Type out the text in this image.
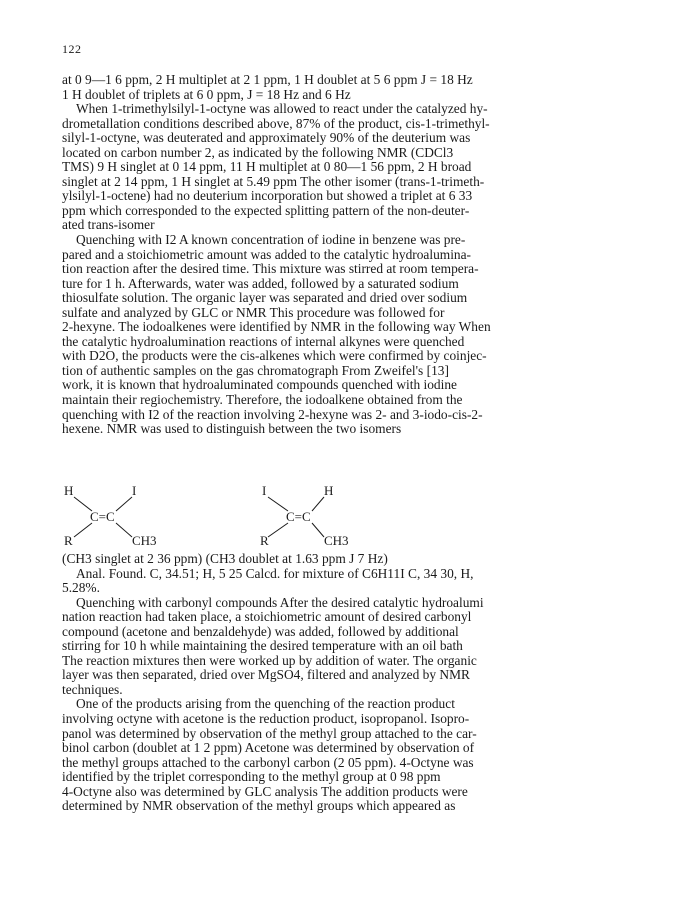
122
at 0 9—1 6 ppm, 2 H multiplet at 2 1 ppm, 1 H doublet at 5 6 ppm J = 18 Hz
1 H doublet of triplets at 6 0 ppm, J = 18 Hz and 6 Hz
When 1-trimethylsilyl-1-octyne was allowed to react under the catalyzed hy-
drometallation conditions described above, 87% of the product, cis-1-trimethyl-
silyl-1-octyne, was deuterated and approximately 90% of the deuterium was
located on carbon number 2, as indicated by the following NMR (CDCl3
TMS) 9 H singlet at 0 14 ppm, 11 H multiplet at 0 80—1 56 ppm, 2 H broad
singlet at 2 14 ppm, 1 H singlet at 5.49 ppm The other isomer (trans-1-trimeth-
ylsilyl-1-octene) had no deuterium incorporation but showed a triplet at 6 33
ppm which corresponded to the expected splitting pattern of the non-deuter-
ated trans-isomer
Quenching with I2 A known concentration of iodine in benzene was pre-
pared and a stoichiometric amount was added to the catalytic hydroalumina-
tion reaction after the desired time. This mixture was stirred at room tempera-
ture for 1 h. Afterwards, water was added, followed by a saturated sodium
thiosulfate solution. The organic layer was separated and dried over sodium
sulfate and analyzed by GLC or NMR This procedure was followed for
2-hexyne. The iodoalkenes were identified by NMR in the following way When
the catalytic hydroalumination reactions of internal alkynes were quenched
with D2O, the products were the cis-alkenes which were confirmed by coinjec-
tion of authentic samples on the gas chromatograph From Zweifel's [13]
work, it is known that hydroaluminated compounds quenched with iodine
maintain their regiochemistry. Therefore, the iodoalkene obtained from the
quenching with I2 of the reaction involving 2-hexyne was 2- and 3-iodo-cis-2-
hexene. NMR was used to distinguish between the two isomers
H	I
C=C
R	CH3
I	H
C=C
R	CH3
(CH3 singlet at 2 36 ppm) (CH3 doublet at 1.63 ppm J 7 Hz)
Anal. Found. C, 34.51; H, 5 25 Calcd. for mixture of C6H11I C, 34 30, H,
5.28%.
Quenching with carbonyl compounds After the desired catalytic hydroalumi
nation reaction had taken place, a stoichiometric amount of desired carbonyl
compound (acetone and benzaldehyde) was added, followed by additional
stirring for 10 h while maintaining the desired temperature with an oil bath
The reaction mixtures then were worked up by addition of water. The organic
layer was then separated, dried over MgSO4, filtered and analyzed by NMR
techniques.
One of the products arising from the quenching of the reaction product
involving octyne with acetone is the reduction product, isopropanol. Isopro-
panol was determined by observation of the methyl group attached to the car-
binol carbon (doublet at 1 2 ppm) Acetone was determined by observation of
the methyl groups attached to the carbonyl carbon (2 05 ppm). 4-Octyne was
identified by the triplet corresponding to the methyl group at 0 98 ppm
4-Octyne also was determined by GLC analysis The addition products were
determined by NMR observation of the methyl groups which appeared as
